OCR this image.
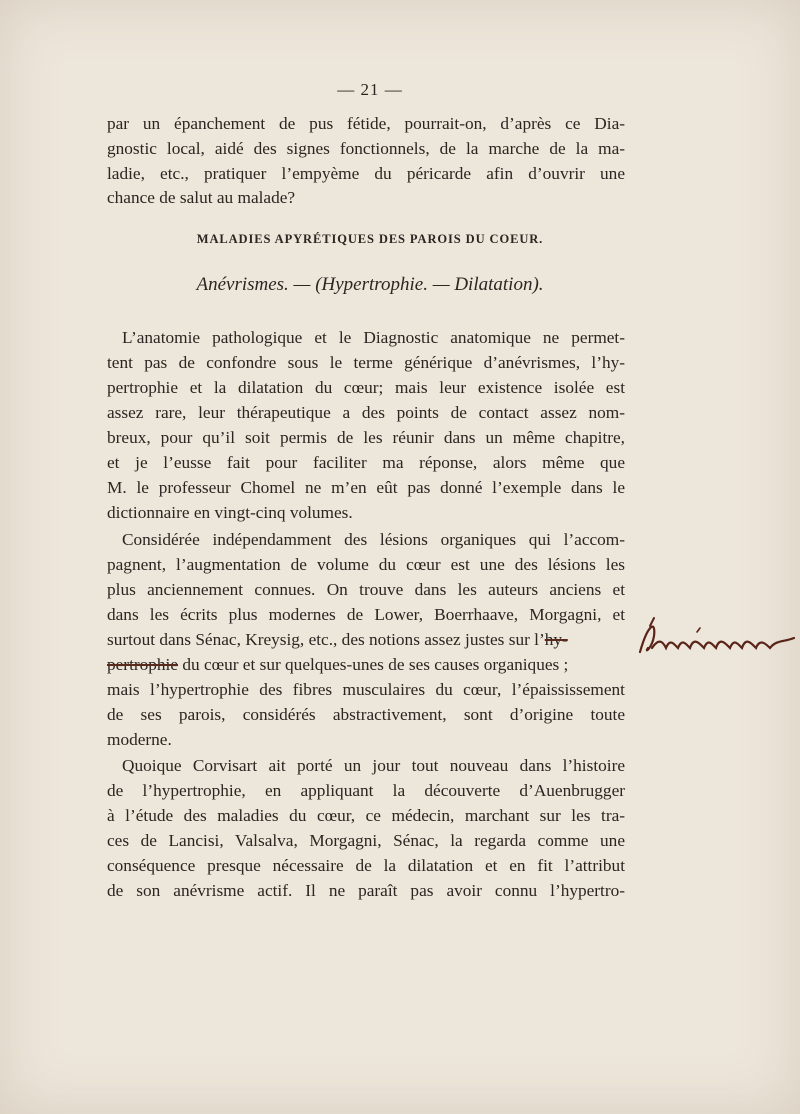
— 21 —
par un épanchement de pus fétide, pourrait-on, d’après ce Dia-
gnostic local, aidé des signes fonctionnels, de la marche de la ma-
ladie, etc., pratiquer l’empyème du péricarde afin d’ouvrir une
chance de salut au malade?
MALADIES APYRÉTIQUES DES PAROIS DU COEUR.
Anévrismes. — (Hypertrophie. — Dilatation).
L’anatomie pathologique et le Diagnostic anatomique ne permet-
tent pas de confondre sous le terme générique d’anévrismes, l’hy-
pertrophie et la dilatation du cœur; mais leur existence isolée est
assez rare, leur thérapeutique a des points de contact assez nom-
breux, pour qu’il soit permis de les réunir dans un même chapitre,
et je l’eusse fait pour faciliter ma réponse, alors même que
M. le professeur Chomel ne m’en eût pas donné l’exemple dans le
dictionnaire en vingt-cinq volumes.
Considérée indépendamment des lésions organiques qui l’accom-
pagnent, l’augmentation de volume du cœur est une des lésions les
plus anciennement connues. On trouve dans les auteurs anciens et
dans les écrits plus modernes de Lower, Boerrhaave, Morgagni, et
surtout dans Sénac, Kreysig, etc., des notions assez justes sur l’hy-
pertrophie du cœur et sur quelques-unes de ses causes organiques ;
mais l’hypertrophie des fibres musculaires du cœur, l’épaississement
de ses parois, considérés abstractivement, sont d’origine toute
moderne.
Quoique Corvisart ait porté un jour tout nouveau dans l’histoire
de l’hypertrophie, en appliquant la découverte d’Auenbrugger
à l’étude des maladies du cœur, ce médecin, marchant sur les tra-
ces de Lancisi, Valsalva, Morgagni, Sénac, la regarda comme une
conséquence presque nécessaire de la dilatation et en fit l’attribut
de son anévrisme actif. Il ne paraît pas avoir connu l’hypertro-
